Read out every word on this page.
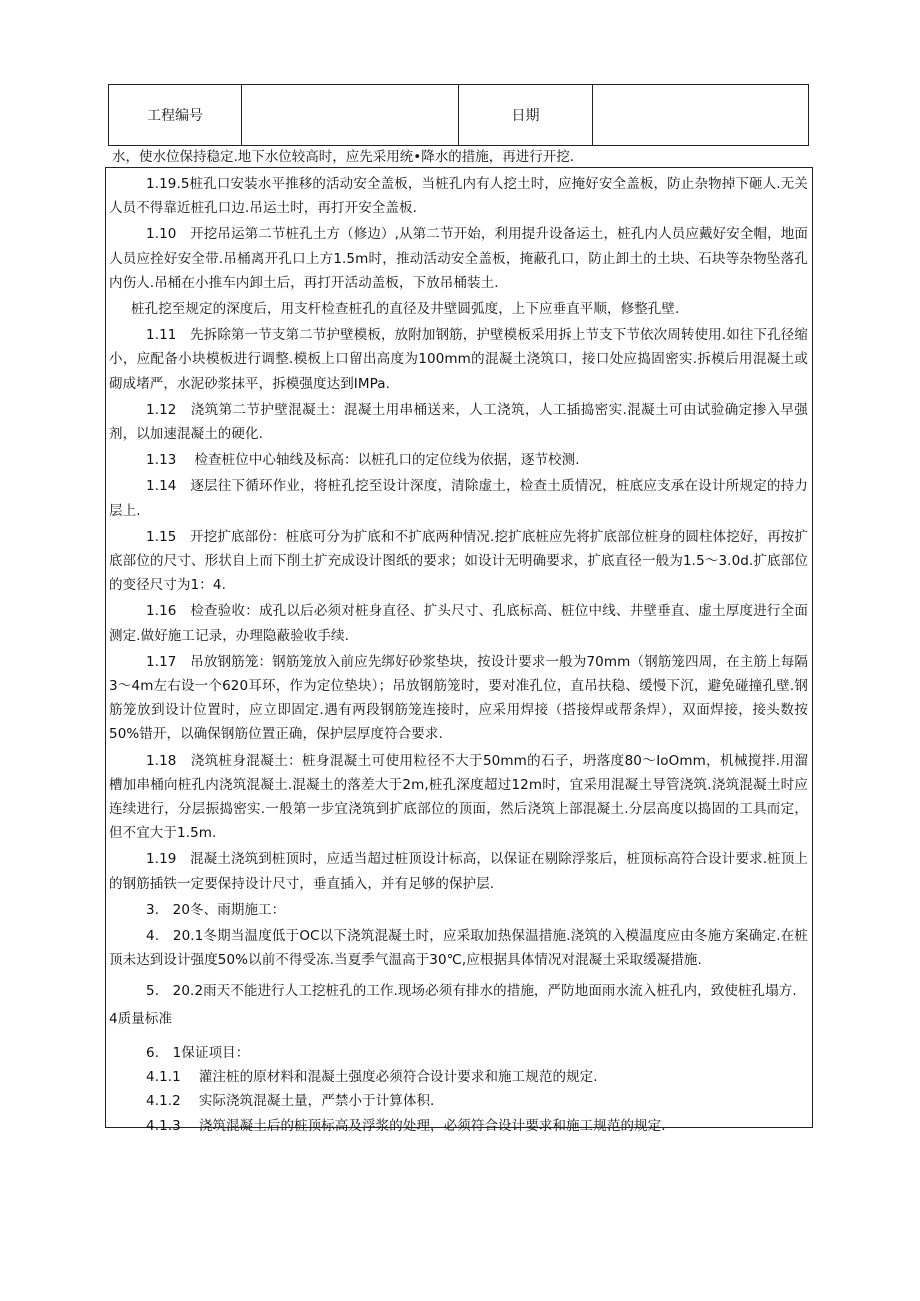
工程编号		日期	
水，使水位保持稳定.地下水位较高时，应先采用统•降水的措施，再进行开挖.

1.19.5桩孔口安装水平推移的活动安全盖板，当桩孔内有人挖土时，应掩好安全盖板，防止杂物掉下砸人.无关人员不得靠近桩孔口边.吊运土时，再打开安全盖板.

1.10　开挖吊运第二节桩孔土方（修边）,从第二节开始，利用提升设备运土，桩孔内人员应戴好安全帽，地面人员应拴好安全带.吊桶离开孔口上方1.5m时，推动活动安全盖板，掩蔽孔口，防止卸土的土块、石块等杂物坠落孔内伤人.吊桶在小推车内卸土后，再打开活动盖板，下放吊桶装土.

桩孔挖至规定的深度后，用支杆检查桩孔的直径及井壁圆弧度，上下应垂直平顺，修整孔壁.

1.11　先拆除第一节支第二节护壁模板，放附加钢筋，护壁模板采用拆上节支下节依次周转使用.如往下孔径缩小，应配备小块模板进行调整.模板上口留出高度为100mm的混凝土浇筑口，接口处应捣固密实.拆模后用混凝土或砌成堵严，水泥砂浆抹平，拆模强度达到IMPa.

1.12　浇筑第二节护壁混凝土：混凝土用串桶送来，人工浇筑，人工插捣密实.混凝土可由试验确定掺入早强剂，以加速混凝土的硬化.

1.13　 检查桩位中心轴线及标高：以桩孔口的定位线为依据，逐节校测.

1.14　逐层往下循环作业，将桩孔挖至设计深度，清除虚土，检查土质情况，桩底应支承在设计所规定的持力层上.

1.15　开挖扩底部份：桩底可分为扩底和不扩底两种情况.挖扩底桩应先将扩底部位桩身的圆柱体挖好，再按扩底部位的尺寸、形状自上而下削土扩充成设计图纸的要求；如设计无明确要求，扩底直径一般为1.5～3.0d.扩底部位的变径尺寸为1：4.

1.16　检查验收：成孔以后必须对桩身直径、扩头尺寸、孔底标高、桩位中线、井壁垂直、虚土厚度进行全面测定.做好施工记录，办理隐蔽验收手续.

1.17　吊放钢筋笼：钢筋笼放入前应先绑好砂浆垫块，按设计要求一般为70mm（钢筋笼四周，在主筋上每隔3～4m左右设一个620耳环，作为定位垫块）；吊放钢筋笼时，要对准孔位，直吊扶稳、缓慢下沉，避免碰撞孔壁.钢筋笼放到设计位置时，应立即固定.遇有两段钢筋笼连接时，应采用焊接（搭接焊或帮条焊），双面焊接，接头数按50%错开，以确保钢筋位置正确，保护层厚度符合要求.

1.18　浇筑桩身混凝土：桩身混凝土可使用粒径不大于50mm的石子，坍落度80～IoOmm，机械搅拌.用溜槽加串桶向桩孔内浇筑混凝土.混凝土的落差大于2m,桩孔深度超过12m时，宜采用混凝土导管浇筑.浇筑混凝土时应连续进行，分层振捣密实.一般第一步宜浇筑到扩底部位的顶面，然后浇筑上部混凝土.分层高度以捣固的工具而定，但不宜大于1.5m.

1.19　混凝土浇筑到桩顶时，应适当超过桩顶设计标高，以保证在剔除浮浆后，桩顶标高符合设计要求.桩顶上的钢筋插铁一定要保持设计尺寸，垂直插入，并有足够的保护层.

3.　20冬、雨期施工：

4.　20.1冬期当温度低于OC以下浇筑混凝土时，应采取加热保温措施.浇筑的入模温度应由冬施方案确定.在桩顶未达到设计强度50%以前不得受冻.当夏季气温高于30℃,应根据具体情况对混凝土采取缓凝措施.

5.　20.2雨天不能进行人工挖桩孔的工作.现场必须有排水的措施，严防地面雨水流入桩孔内，致使桩孔塌方.

4质量标准

6.　1保证项目：

4.1.1　 灌注桩的原材料和混凝土强度必须符合设计要求和施工规范的规定.

4.1.2　 实际浇筑混凝土量，严禁小于计算体积.

4.1.3　 浇筑混凝土后的桩顶标高及浮浆的处理，必须符合设计要求和施工规范的规定.
